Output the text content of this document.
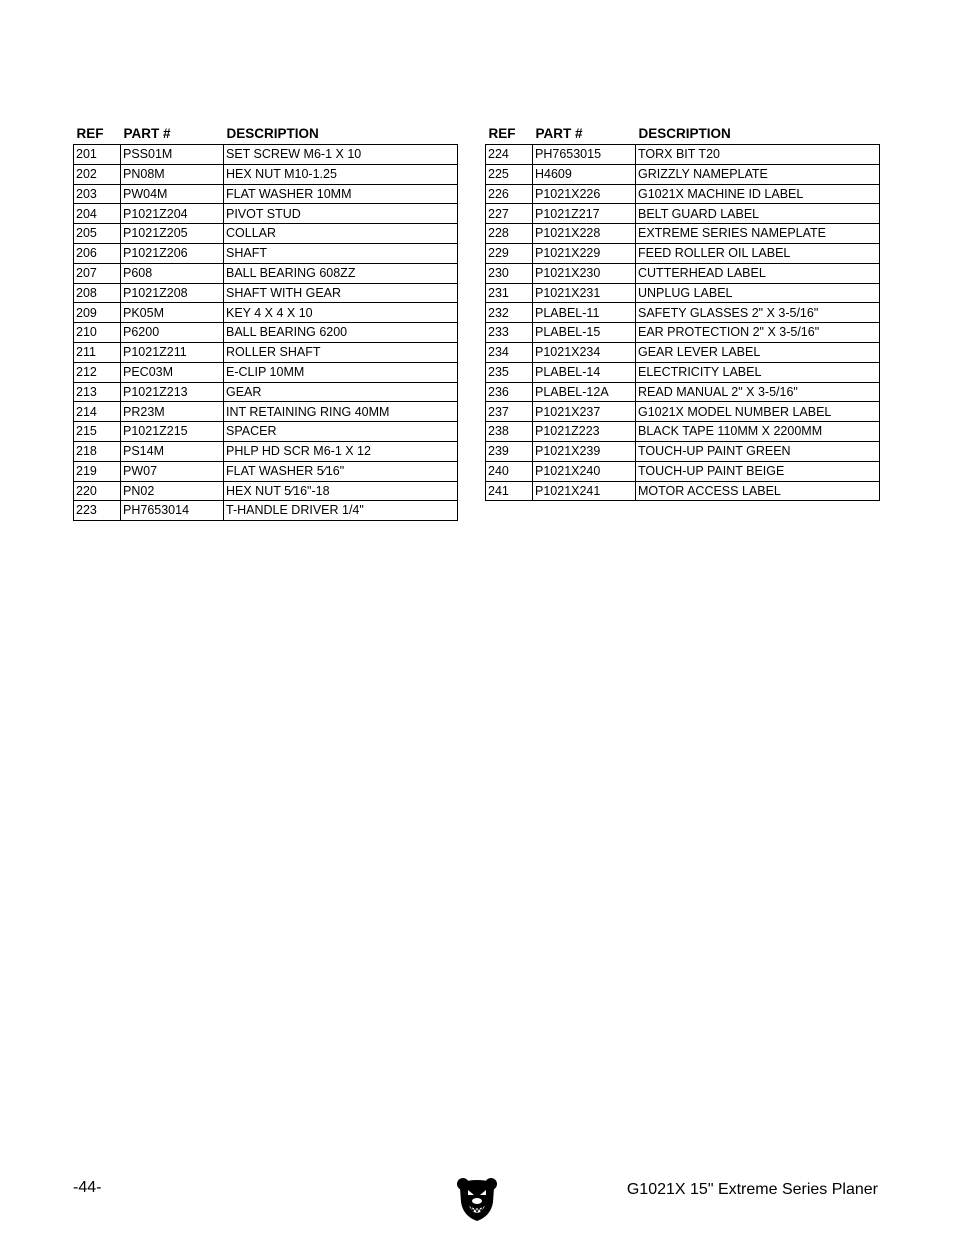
REF	PART #	DESCRIPTION
201	PSS01M	SET SCREW M6-1 X 10
202	PN08M	HEX NUT M10-1.25
203	PW04M	FLAT WASHER 10MM
204	P1021Z204	PIVOT STUD
205	P1021Z205	COLLAR
206	P1021Z206	SHAFT
207	P608	BALL BEARING 608ZZ
208	P1021Z208	SHAFT WITH GEAR
209	PK05M	KEY 4 X 4 X 10
210	P6200	BALL BEARING 6200
211	P1021Z211	ROLLER SHAFT
212	PEC03M	E-CLIP 10MM
213	P1021Z213	GEAR
214	PR23M	INT RETAINING RING 40MM
215	P1021Z215	SPACER
218	PS14M	PHLP HD SCR M6-1 X 12
219	PW07	FLAT WASHER 5⁄16"
220	PN02	HEX NUT 5⁄16"-18
223	PH7653014	T-HANDLE DRIVER 1/4"
REF	PART #	DESCRIPTION
224	PH7653015	TORX BIT T20
225	H4609	GRIZZLY NAMEPLATE
226	P1021X226	G1021X MACHINE ID LABEL
227	P1021Z217	BELT GUARD LABEL
228	P1021X228	EXTREME SERIES NAMEPLATE
229	P1021X229	FEED ROLLER OIL LABEL
230	P1021X230	CUTTERHEAD LABEL
231	P1021X231	UNPLUG LABEL
232	PLABEL-11	SAFETY GLASSES 2" X 3-5/16"
233	PLABEL-15	EAR PROTECTION 2" X 3-5/16"
234	P1021X234	GEAR LEVER LABEL
235	PLABEL-14	ELECTRICITY LABEL
236	PLABEL-12A	READ MANUAL 2" X 3-5/16"
237	P1021X237	G1021X MODEL NUMBER LABEL
238	P1021Z223	BLACK TAPE 110MM X 2200MM
239	P1021X239	TOUCH-UP PAINT GREEN
240	P1021X240	TOUCH-UP PAINT BEIGE
241	P1021X241	MOTOR ACCESS LABEL
-44-	G1021X 15" Extreme Series Planer
